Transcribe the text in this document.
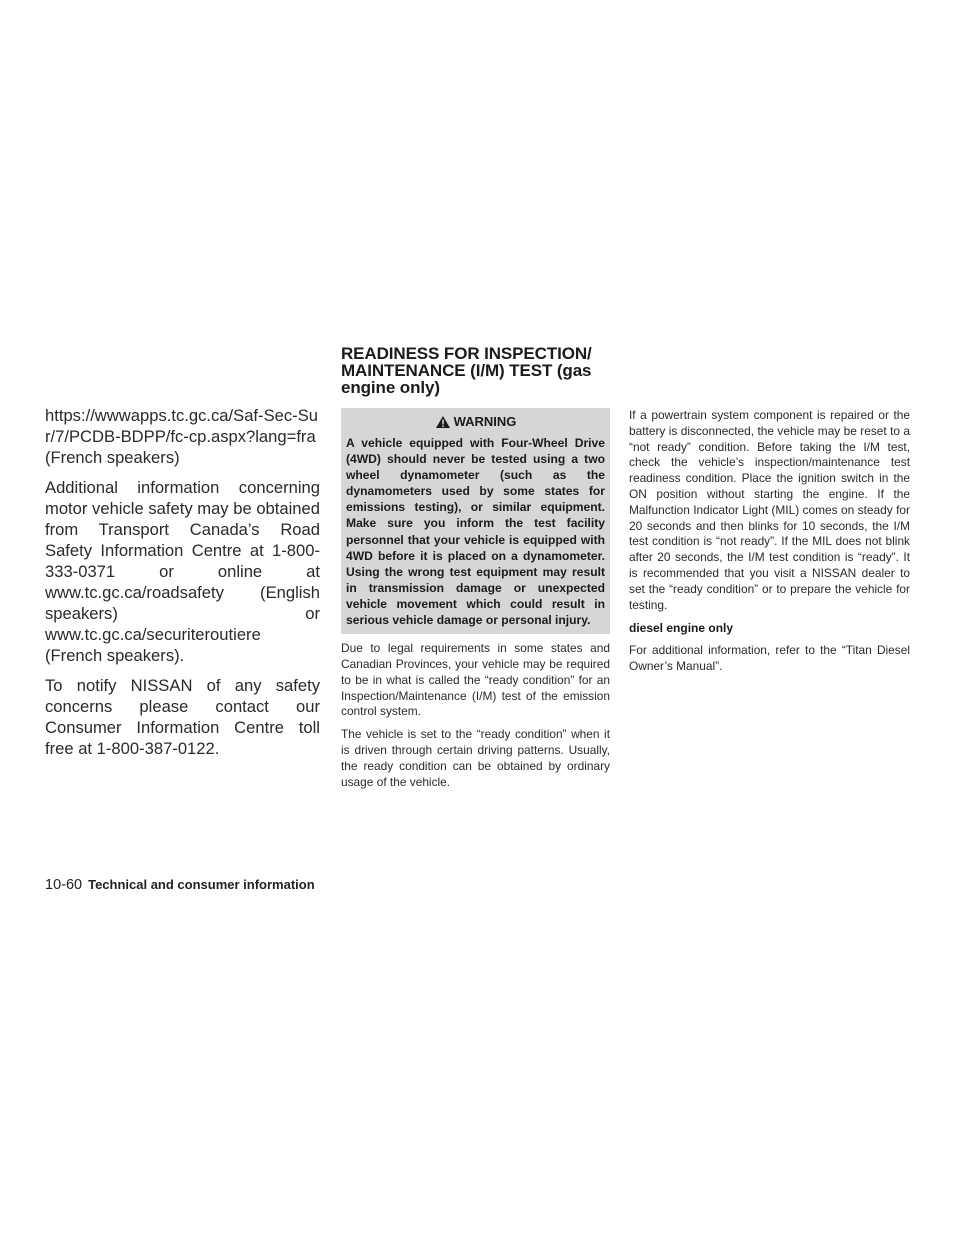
https://wwwapps.tc.gc.ca/Saf-Sec-Sur/7/PCDB-BDPP/fc-cp.aspx?lang=fra (French speakers)

Additional information concerning motor vehicle safety may be obtained from Transport Canada’s Road Safety Information Centre at 1-800-333-0371 or online at www.tc.gc.ca/roadsafety (English speakers) or www.tc.gc.ca/securiteroutiere (French speakers).

To notify NISSAN of any safety concerns please contact our Consumer Information Centre toll free at 1-800-387-0122.

READINESS FOR INSPECTION/ MAINTENANCE (I/M) TEST (gas engine only)
WARNING
A vehicle equipped with Four-Wheel Drive (4WD) should never be tested using a two wheel dynamometer (such as the dynamometers used by some states for emissions testing), or similar equipment. Make sure you inform the test facility personnel that your vehicle is equipped with 4WD before it is placed on a dynamometer. Using the wrong test equipment may result in transmission damage or unexpected vehicle movement which could result in serious vehicle damage or personal injury.

Due to legal requirements in some states and Canadian Provinces, your vehicle may be required to be in what is called the “ready condition” for an Inspection/Maintenance (I/M) test of the emission control system.

The vehicle is set to the “ready condition” when it is driven through certain driving patterns. Usually, the ready condition can be obtained by ordinary usage of the vehicle.

If a powertrain system component is repaired or the battery is disconnected, the vehicle may be reset to a “not ready” condition. Before taking the I/M test, check the vehicle’s inspection/maintenance test readiness condition. Place the ignition switch in the ON position without starting the engine. If the Malfunction Indicator Light (MIL) comes on steady for 20 seconds and then blinks for 10 seconds, the I/M test condition is “not ready”. If the MIL does not blink after 20 seconds, the I/M test condition is “ready”. It is recommended that you visit a NISSAN dealer to set the “ready condition” or to prepare the vehicle for testing.

diesel engine only

For additional information, refer to the “Titan Diesel Owner’s Manual”.

10-60 Technical and consumer information
